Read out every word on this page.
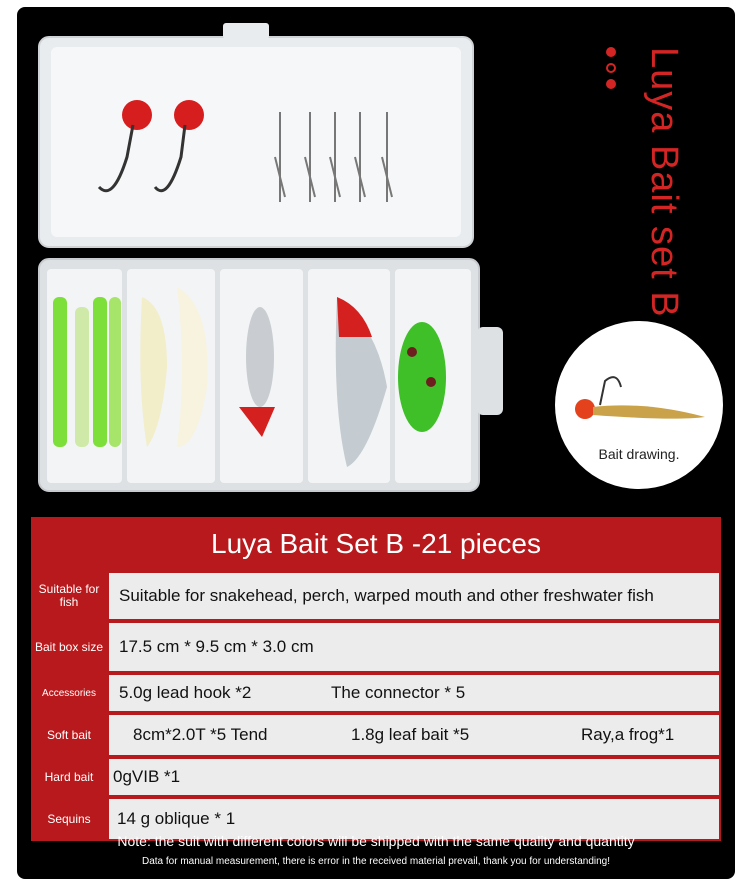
Luya Bait set B
Bait drawing.
Luya Bait Set B -21 pieces
Suitable for fish	Suitable for snakehead, perch, warped mouth and other freshwater fish
Bait box size 17.5 cm * 9.5 cm * 3.0 cm
Accessories	5.0g lead hook *2	The connector * 5
Soft bait	8cm*2.0T *5 Tend	1.8g leaf bait *5	Ray,a frog*1
Hard bait	0gVIB *1
Sequins	14 g oblique * 1
Note: the suit with different colors will be shipped with the same quality and quantity
Data for manual measurement, there is error in the received material prevail, thank you for understanding!
